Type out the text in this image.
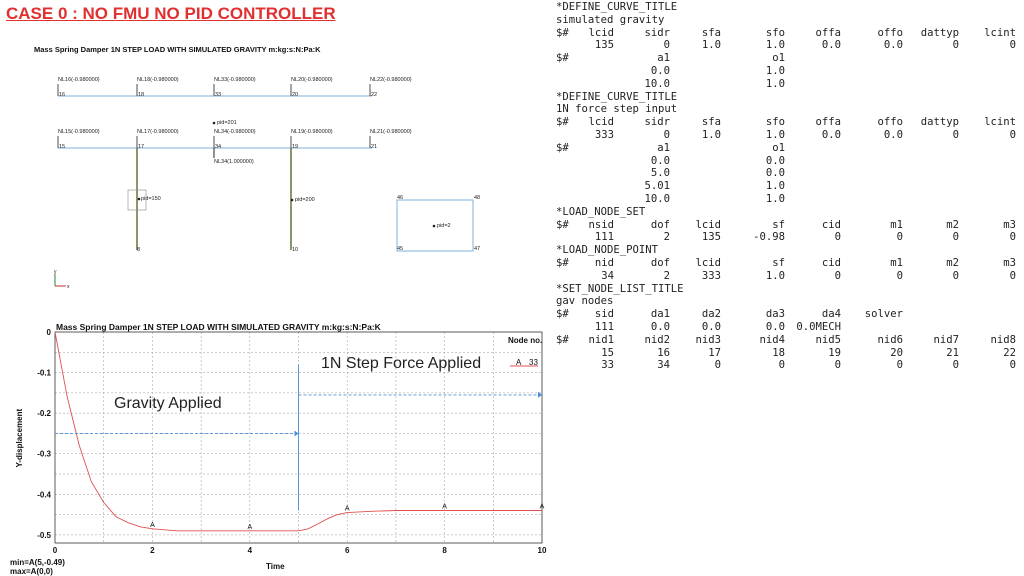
CASE 0 : NO FMU NO PID CONTROLLER
Mass Spring Damper 1N STEP LOAD WITH SIMULATED GRAVITY m:kg:s:N:Pa:K
NL16(-0.980000)
16
NL18(-0.980000)
18
NL33(-0.980000)
33
NL20(-0.980000)
20
NL22(-0.980000)
22
NL15(-0.980000)
15
NL17(-0.980000)
17
NL34(-0.980000)
34
NL19(-0.980000)
19
NL21(-0.980000)
21
NL34(1.000000)
pid=201
pid=150	pid=200
8	10
46	48
45	47
pid=2
y
x
Mass Spring Damper 1N STEP LOAD WITH SIMULATED GRAVITY m:kg:s:N:Pa:K
0	2	4	6	8	10
0
-0.1
-0.2
-0.3
-0.4
-0.5
A	A
A	A	A
Y-displacement
Time
min=A(5,-0.49)
max=A(0,0)
Node no.
A 33
Gravity Applied
1N Step Force Applied
*DEFINE_CURVE_TITLE
simulated gravity
$# lcid	sidr	sfa	sfo	offa	offo dattyp lcint
135	0	1.0	1.0	0.0	0.0	0	0
$#	a1	o1
0.0	1.0
10.0	1.0
*DEFINE_CURVE_TITLE
1N force step input
$# lcid	sidr	sfa	sfo	offa	offo dattyp lcint
333	0	1.0	1.0	0.0	0.0	0	0
$#	a1	o1
0.0	0.0
5.0	0.0
5.01	1.0
10.0	1.0
*LOAD_NODE_SET
$# nsid	dof lcid	sf	cid	m1	m2	m3
111	2	135	-0.98	0	0	0	0
*LOAD_NODE_POINT
$# nid	dof lcid	sf	cid	m1	m2	m3
34	2	333	1.0	0	0	0	0
*SET_NODE_LIST_TITLE
gav nodes
$# sid	da1	da2	da3	da4 solver
111	0.0	0.0	0.0 0.0MECH
$# nid1	nid2 nid3	nid4	nid5	nid6	nid7	nid8
15	16	17	18	19	20	21	22
33	34	0	0	0	0	0	0
